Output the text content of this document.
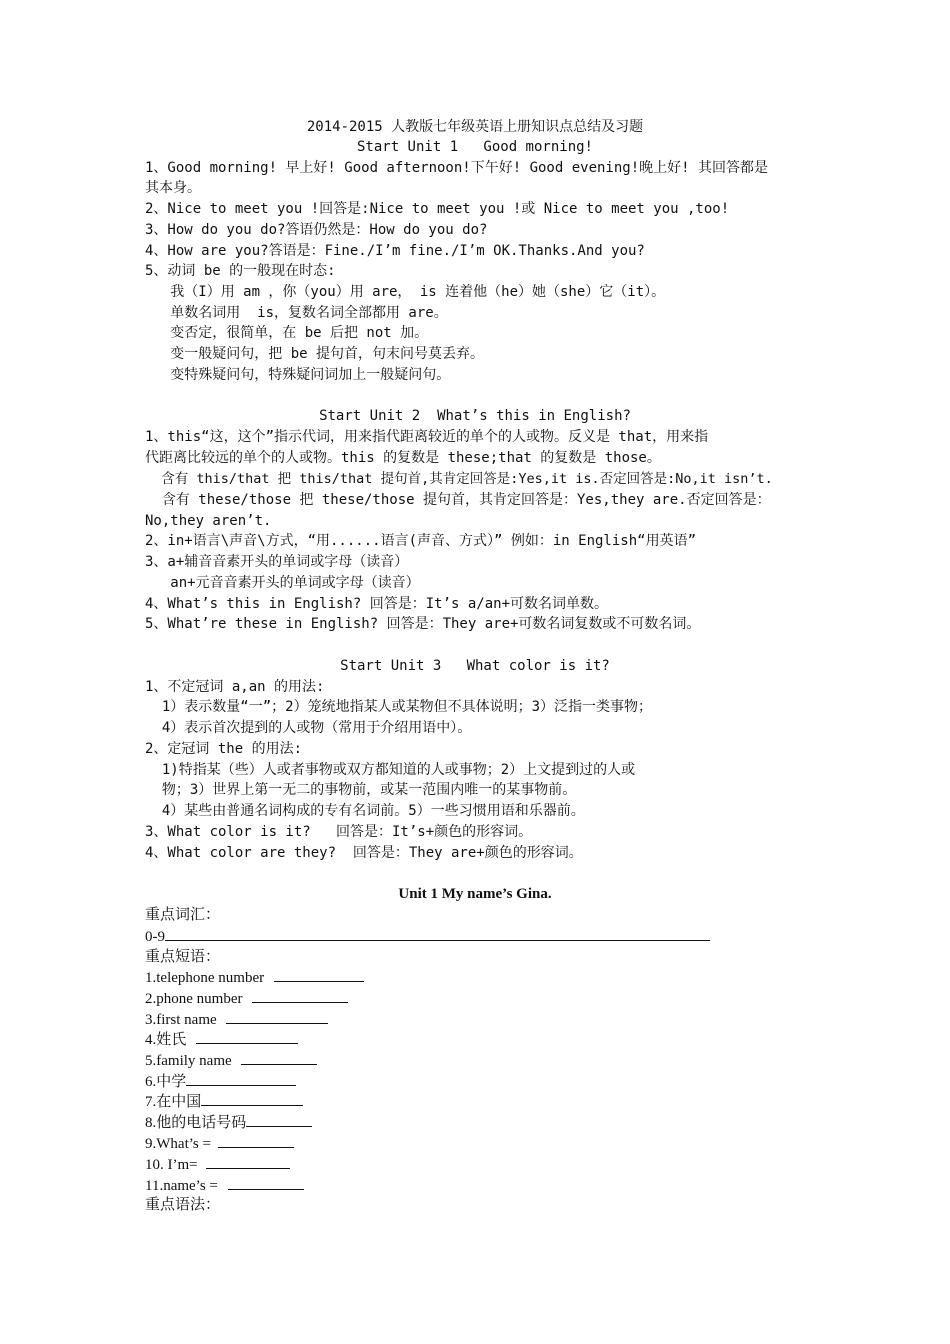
2014-2015 人教版七年级英语上册知识点总结及习题
Start Unit 1   Good morning!
1、Good morning! 早上好! Good afternoon!下午好! Good evening!晚上好! 其回答都是
其本身。
2、Nice to meet you !回答是:Nice to meet you !或 Nice to meet you ,too!
3、How do you do?答语仍然是：How do you do?
4、How are you?答语是：Fine./I’m fine./I’m OK.Thanks.And you?
5、动词 be 的一般现在时态:
我（I）用 am ，你（you）用 are， is 连着他（he）她（she）它（it）。
单数名词用  is，复数名词全部都用 are。
变否定，很简单，在 be 后把 not 加。
变一般疑问句，把 be 提句首，句末问号莫丢弃。
变特殊疑问句，特殊疑问词加上一般疑问句。
Start Unit 2  What’s this in English?
1、this“这，这个”指示代词，用来指代距离较近的单个的人或物。反义是 that，用来指
代距离比较远的单个的人或物。this 的复数是 these;that 的复数是 those。
含有 this/that 把 this/that 提句首,其肯定回答是:Yes,it is.否定回答是:No,it isn’t.
含有 these/those 把 these/those 提句首，其肯定回答是：Yes,they are.否定回答是：
No,they aren’t.
2、in+语言\声音\方式，“用......语言(声音、方式）” 例如：in English“用英语”
3、a+辅音音素开头的单词或字母（读音）
an+元音音素开头的单词或字母（读音）
4、What’s this in English? 回答是：It’s a/an+可数名词单数。
5、What’re these in English? 回答是：They are+可数名词复数或不可数名词。
Start Unit 3   What color is it?
1、不定冠词 a,an 的用法:
1）表示数量“一”；2）笼统地指某人或某物但不具体说明；3）泛指一类事物；
4）表示首次提到的人或物（常用于介绍用语中）。
2、定冠词 the 的用法:
1)特指某（些）人或者事物或双方都知道的人或事物；2）上文提到过的人或
物；3）世界上第一无二的事物前，或某一范围内唯一的某事物前。
4）某些由普通名词构成的专有名词前。5）一些习惯用语和乐器前。
3、What color is it?   回答是：It’s+颜色的形容词。
4、What color are they?  回答是：They are+颜色的形容词。
Unit 1 My name’s Gina.
重点词汇：
0-9
重点短语：
1.telephone number
2.phone number
3.first name
4.姓氏
5.family name
6.中学
7.在中国
8.他的电话号码
9.What’s =
10. I’m=
11.name’s =
重点语法：
